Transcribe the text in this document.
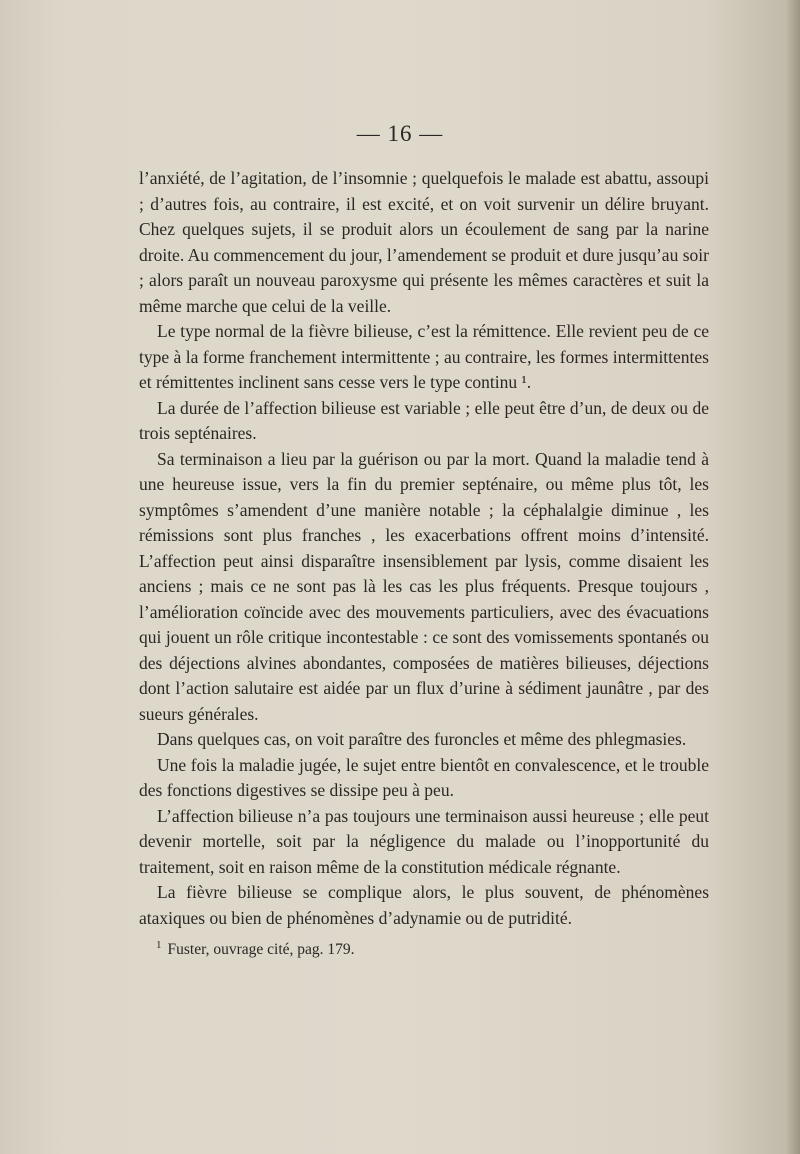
— 16 —

l’anxiété, de l’agitation, de l’insomnie ; quelquefois le malade est abattu, assoupi ; d’autres fois, au contraire, il est excité, et on voit survenir un délire bruyant. Chez quelques sujets, il se produit alors un écoulement de sang par la narine droite. Au commencement du jour, l’amendement se produit et dure jusqu’au soir ; alors paraît un nouveau paroxysme qui présente les mêmes caractères et suit la même marche que celui de la veille.

Le type normal de la fièvre bilieuse, c’est la rémittence. Elle revient peu de ce type à la forme franchement intermittente ; au contraire, les formes intermittentes et rémittentes inclinent sans cesse vers le type continu ¹.

La durée de l’affection bilieuse est variable ; elle peut être d’un, de deux ou de trois septénaires.

Sa terminaison a lieu par la guérison ou par la mort. Quand la maladie tend à une heureuse issue, vers la fin du premier septénaire, ou même plus tôt, les symptômes s’amendent d’une manière notable ; la céphalalgie diminue , les rémissions sont plus franches , les exacerbations offrent moins d’intensité. L’affection peut ainsi disparaître insensiblement par lysis, comme disaient les anciens ; mais ce ne sont pas là les cas les plus fréquents. Presque toujours , l’amélioration coïncide avec des mouvements particuliers, avec des évacuations qui jouent un rôle critique incontestable : ce sont des vomissements spontanés ou des déjections alvines abondantes, composées de matières bilieuses, déjections dont l’action salutaire est aidée par un flux d’urine à sédiment jaunâtre , par des sueurs générales.

Dans quelques cas, on voit paraître des furoncles et même des phlegmasies.

Une fois la maladie jugée, le sujet entre bientôt en convalescence, et le trouble des fonctions digestives se dissipe peu à peu.

L’affection bilieuse n’a pas toujours une terminaison aussi heureuse ; elle peut devenir mortelle, soit par la négligence du malade ou l’inopportunité du traitement, soit en raison même de la constitution médicale régnante.

La fièvre bilieuse se complique alors, le plus souvent, de phénomènes ataxiques ou bien de phénomènes d’adynamie ou de putridité.

$^1$ Fuster, ouvrage cité, pag. 179.
